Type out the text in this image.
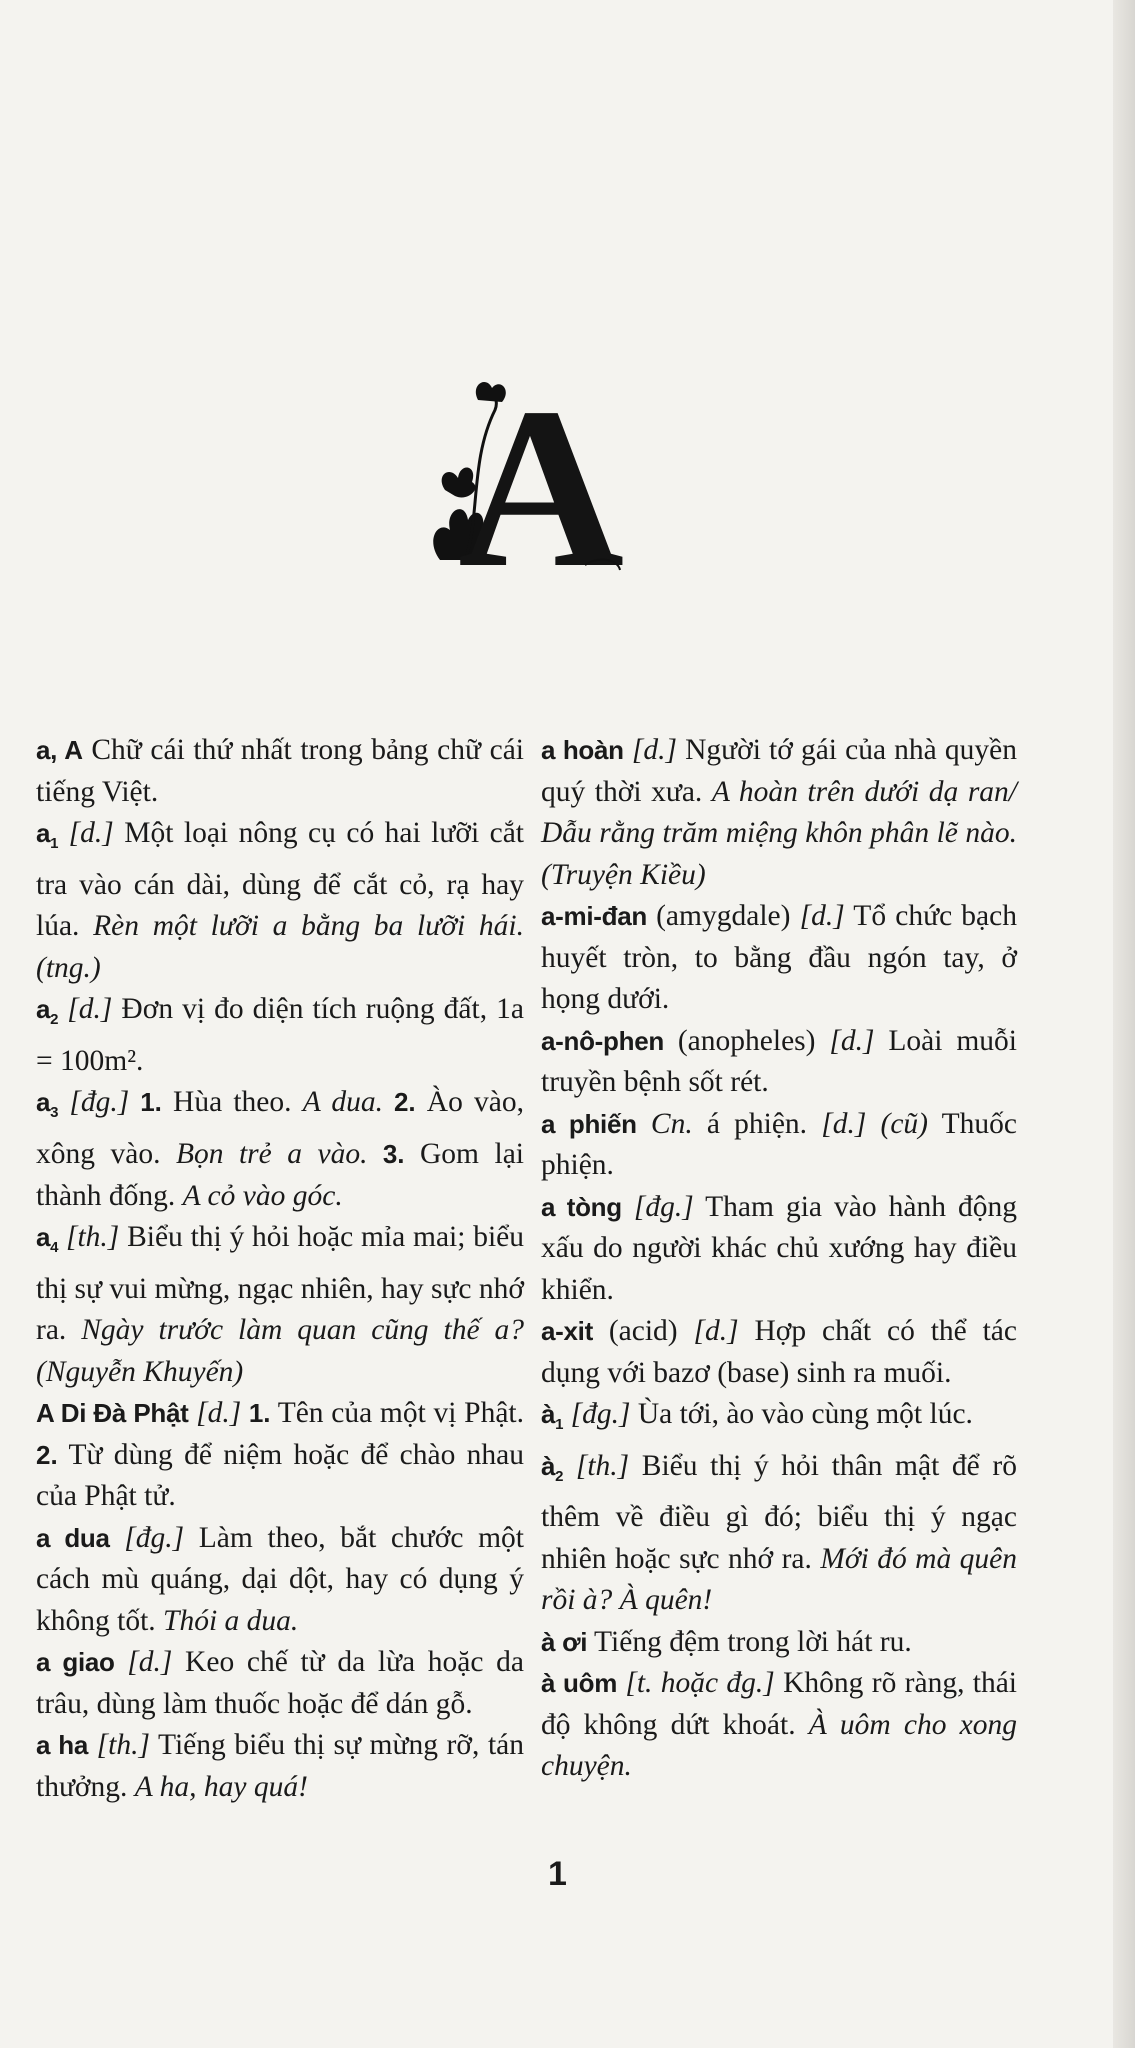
A

a, A Chữ cái thứ nhất trong bảng chữ cái tiếng Việt.

$a_1$ [d.] Một loại nông cụ có hai lưỡi cắt tra vào cán dài, dùng để cắt cỏ, rạ hay lúa. Rèn một lưỡi a bằng ba lưỡi hái. (tng.)

$a_2$ [d.] Đơn vị đo diện tích ruộng đất, 1a = 100m².

$a_3$ [đg.] 1. Hùa theo. A dua. 2. Ào vào, xông vào. Bọn trẻ a vào. 3. Gom lại thành đống. A cỏ vào góc.

$a_4$ [th.] Biểu thị ý hỏi hoặc mỉa mai; biểu thị sự vui mừng, ngạc nhiên, hay sực nhớ ra. Ngày trước làm quan cũng thế a? (Nguyễn Khuyến)

A Di Đà Phật [d.] 1. Tên của một vị Phật. 2. Từ dùng để niệm hoặc để chào nhau của Phật tử.

a dua [đg.] Làm theo, bắt chước một cách mù quáng, dại dột, hay có dụng ý không tốt. Thói a dua.

a giao [d.] Keo chế từ da lừa hoặc da trâu, dùng làm thuốc hoặc để dán gỗ.

a ha [th.] Tiếng biểu thị sự mừng rỡ, tán thưởng. A ha, hay quá!

a hoàn [d.] Người tớ gái của nhà quyền quý thời xưa. A hoàn trên dưới dạ ran/ Dẫu rằng trăm miệng khôn phân lẽ nào. (Truyện Kiều)

a-mi-đan (amygdale) [d.] Tổ chức bạch huyết tròn, to bằng đầu ngón tay, ở họng dưới.

a-nô-phen (anopheles) [d.] Loài muỗi truyền bệnh sốt rét.

a phiến Cn. á phiện. [d.] (cũ) Thuốc phiện.

a tòng [đg.] Tham gia vào hành động xấu do người khác chủ xướng hay điều khiển.

a-xit (acid) [d.] Hợp chất có thể tác dụng với bazơ (base) sinh ra muối.

$à_1$ [đg.] Ùa tới, ào vào cùng một lúc.

$à_2$ [th.] Biểu thị ý hỏi thân mật để rõ thêm về điều gì đó; biểu thị ý ngạc nhiên hoặc sực nhớ ra. Mới đó mà quên rồi à? À quên!

à ơi Tiếng đệm trong lời hát ru.

à uôm [t. hoặc đg.] Không rõ ràng, thái độ không dứt khoát. À uôm cho xong chuyện.

1
